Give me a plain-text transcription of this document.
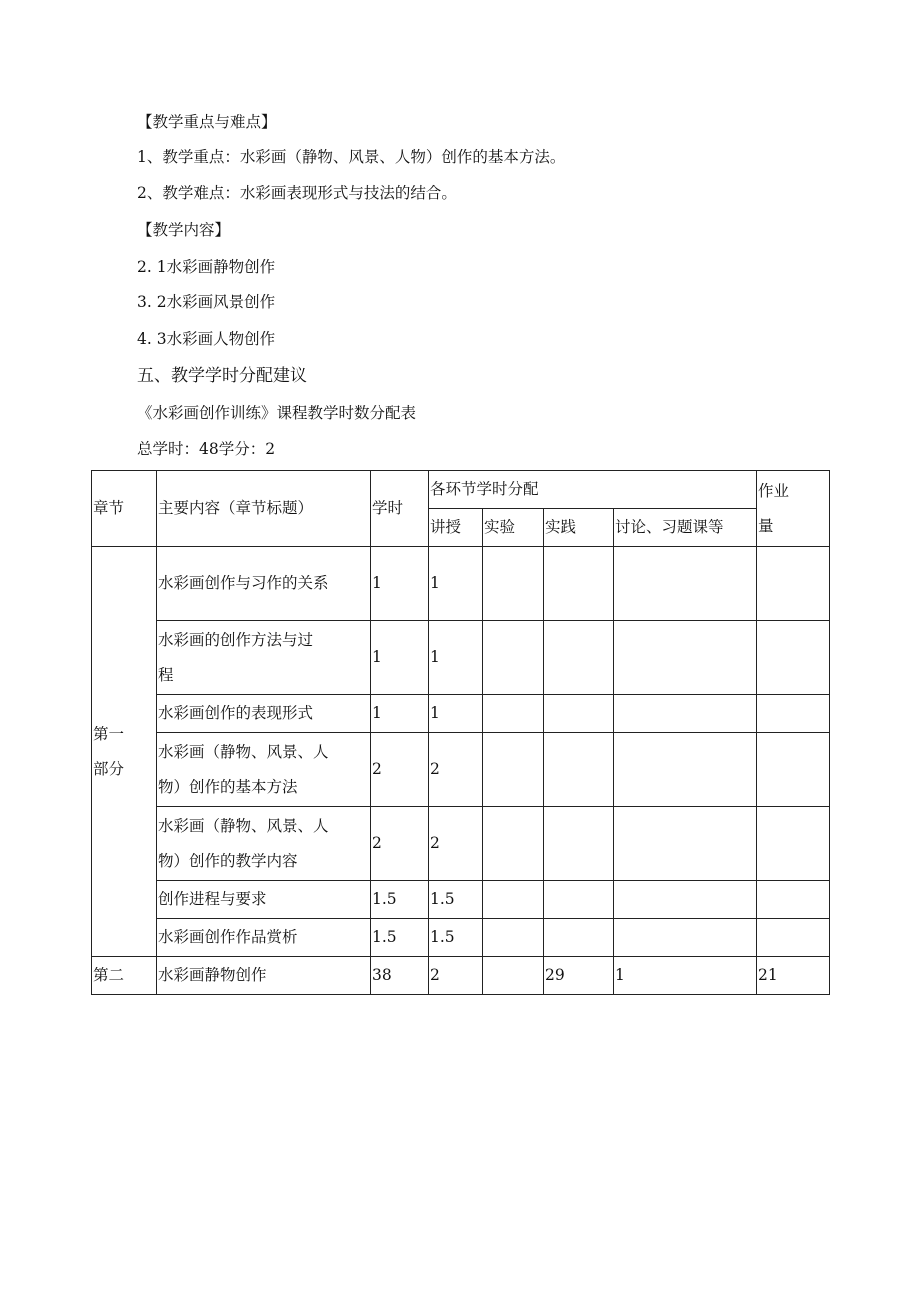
【教学重点与难点】
1、教学重点：水彩画（静物、风景、人物）创作的基本方法。
2、教学难点：水彩画表现形式与技法的结合。
【教学内容】
2. 1水彩画静物创作
3. 2水彩画风景创作
4. 3水彩画人物创作
五、教学学时分配建议
《水彩画创作训练》课程教学时数分配表
总学时：48学分：2
章节	主要内容（章节标题）	学时	各环节学时分配				作业
量

			讲授	实验	实践	讨论、习题课等	

第一
部分	水彩画创作与习作的关系	1	1				

	水彩画的创作方法与过
程	1	1				
	水彩画创作的表现形式	1	1				

	水彩画（静物、风景、人
物）创作的基本方法	2	2				

	水彩画（静物、风景、人
物）创作的教学内容	2	2				
	创作进程与要求	1.5	1.5				
	水彩画创作作品赏析	1.5	1.5				
第二	水彩画静物创作	38	2		29	1	21
